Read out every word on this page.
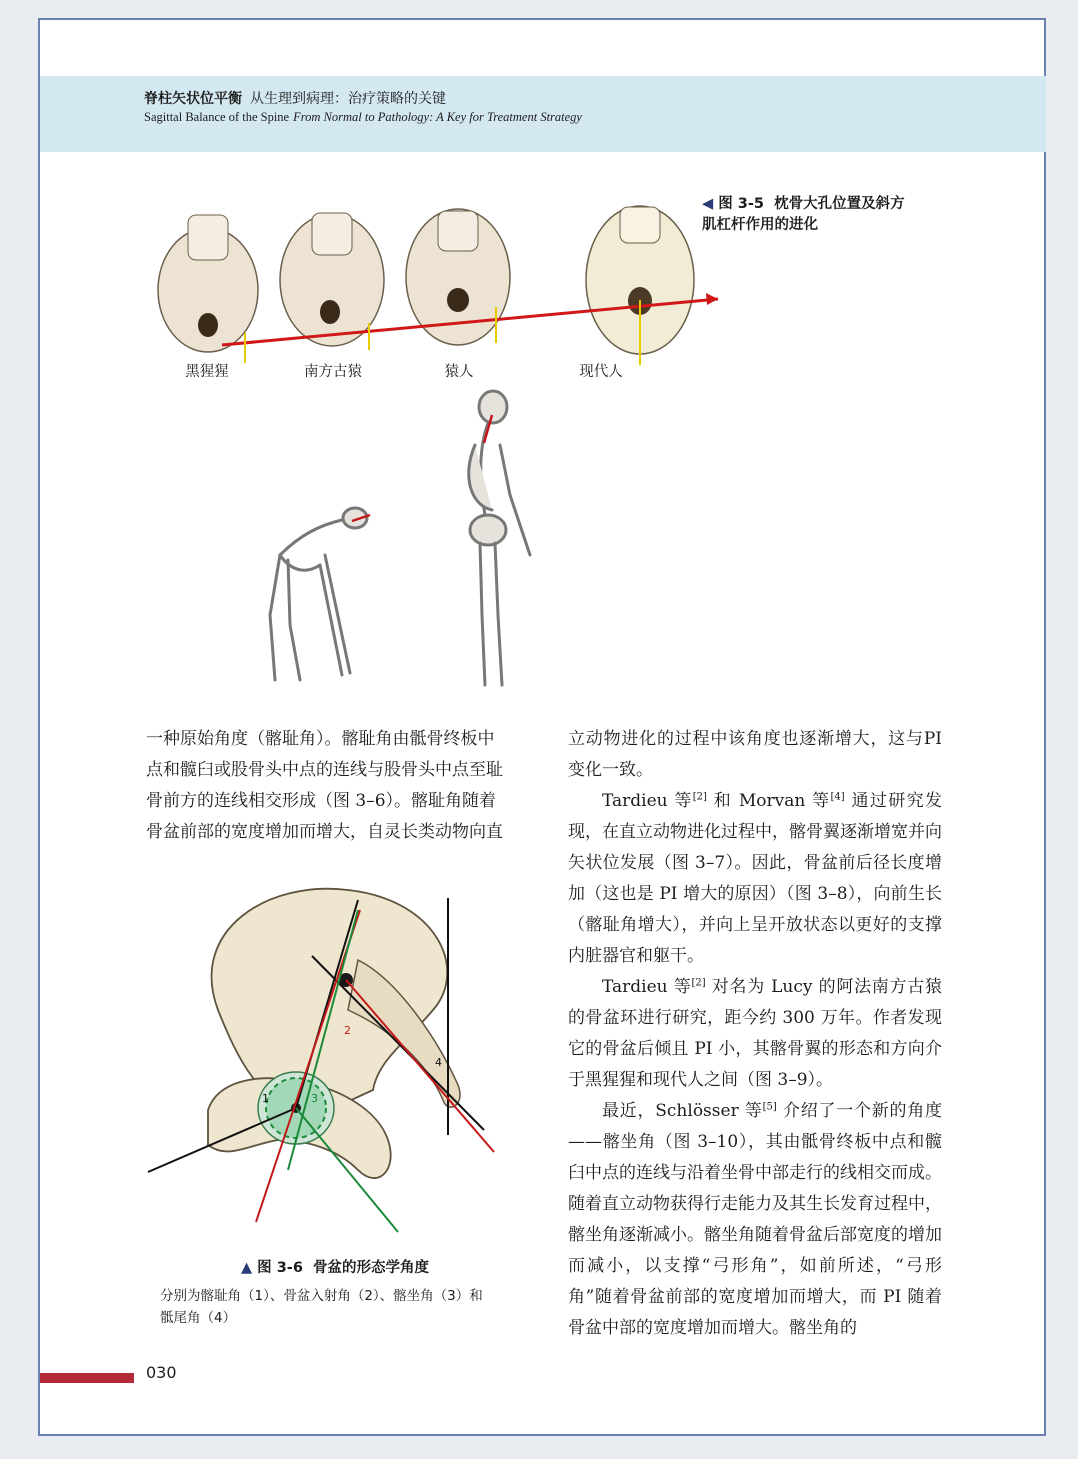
脊柱矢状位平衡 从生理到病理：治疗策略的关键
Sagittal Balance of the Spine From Normal to Pathology: A Key for Treatment Strategy
◀ 图 3-5 枕骨大孔位置及斜方
肌杠杆作用的进化
黑猩猩	南方古猿	猿人	现代人

一种原始角度（髂耻角）。髂耻角由骶骨终板中

点和髋臼或股骨头中点的连线与股骨头中点至耻

骨前方的连线相交形成（图 3–6）。髂耻角随着

骨盆前部的宽度增加而增大，自灵长类动物向直

1
2
3
4
▲ 图 3-6 骨盆的形态学角度
分别为髂耻角（1）、骨盆入射角（2）、髂坐角（3）和
骶尾角（4）

立动物进化的过程中该角度也逐渐增大，这与PI 变化一致。

Tardieu 等[2] 和 Morvan 等[4] 通过研究发现，在直立动物进化过程中，髂骨翼逐渐增宽并向矢状位发展（图 3–7）。因此，骨盆前后径长度增加（这也是 PI 增大的原因）（图 3–8），向前生长（髂耻角增大），并向上呈开放状态以更好的支撑内脏器官和躯干。

Tardieu 等[2] 对名为 Lucy 的阿法南方古猿的骨盆环进行研究，距今约 300 万年。作者发现它的骨盆后倾且 PI 小，其髂骨翼的形态和方向介于黑猩猩和现代人之间（图 3–9）。

最近，Schlösser 等[5] 介绍了一个新的角度——髂坐角（图 3–10），其由骶骨终板中点和髋臼中点的连线与沿着坐骨中部走行的线相交而成。随着直立动物获得行走能力及其生长发育过程中，髂坐角逐渐减小。髂坐角随着骨盆后部宽度的增加而减小，以支撑“弓形角”，如前所述，“弓形角”随着骨盆前部的宽度增加而增大，而 PI 随着骨盆中部的宽度增加而增大。髂坐角的

030
